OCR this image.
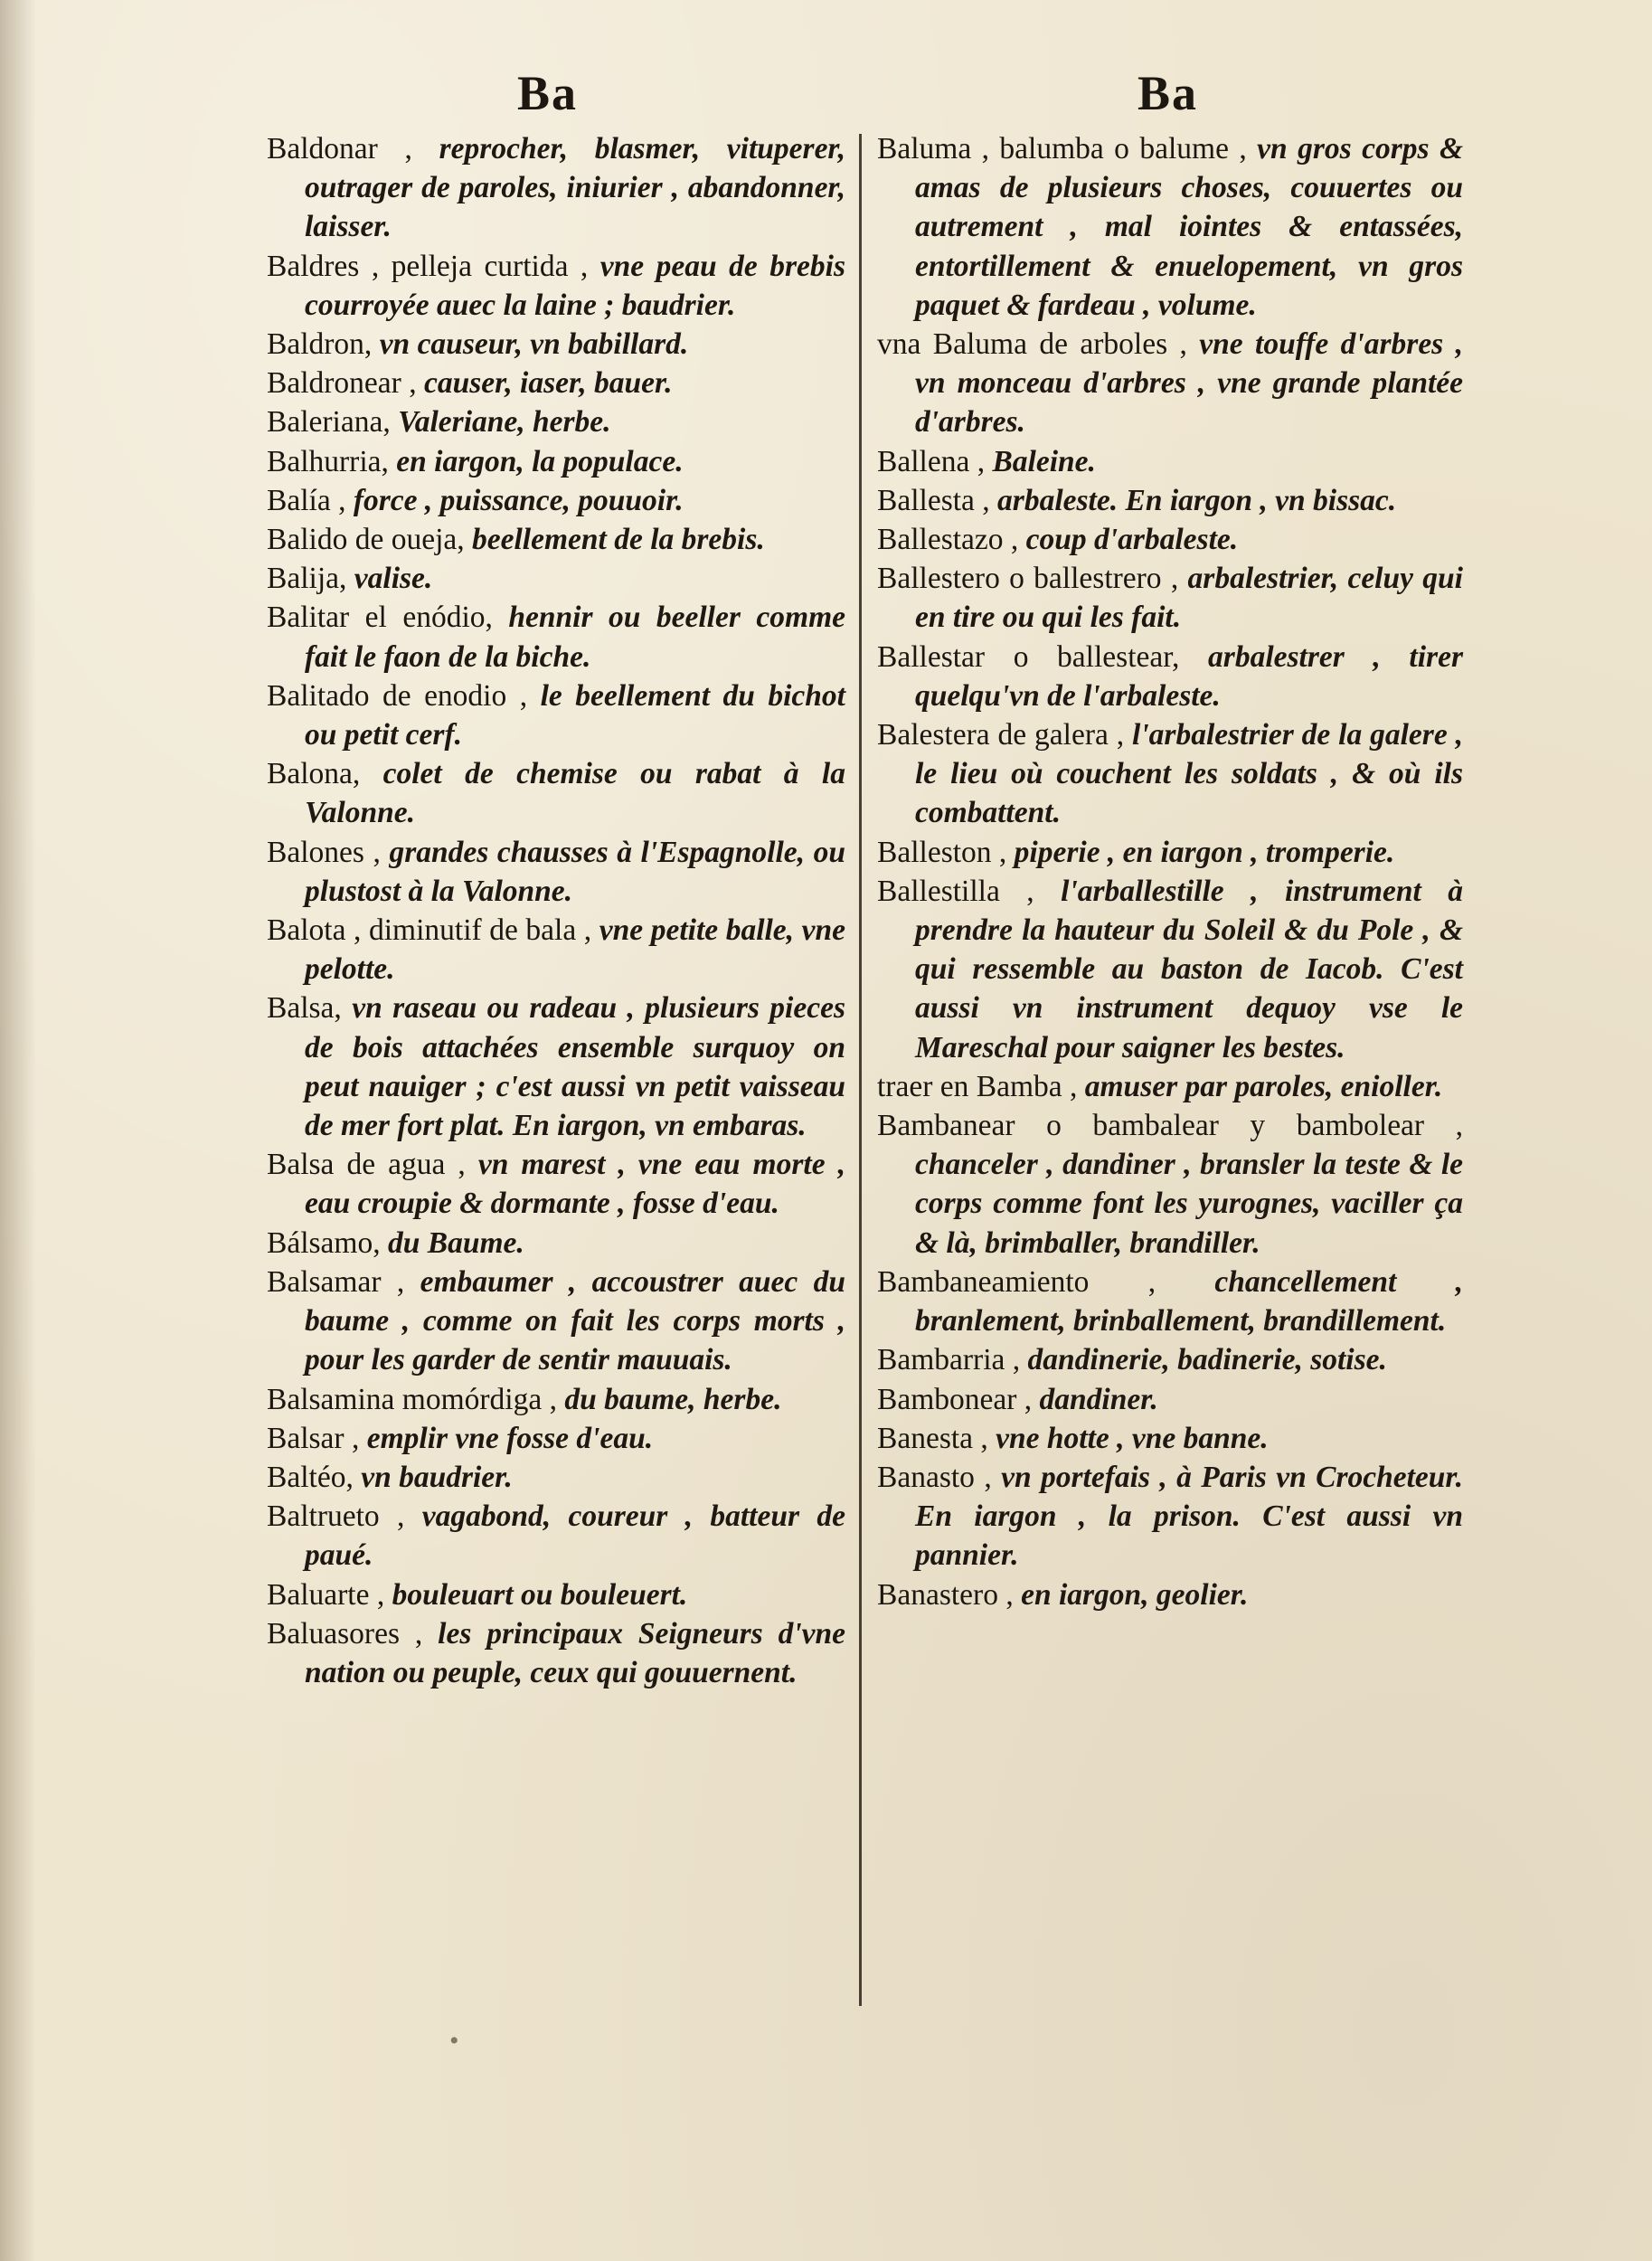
Ba	Ba

Baldonar , reprocher, blasmer, vituperer, outrager de paroles, iniurier , abandonner, laisser.

Baldres , pelleja curtida , vne peau de brebis courroyée auec la laine ; baudrier.

Baldron, vn causeur, vn babillard.

Baldronear , causer, iaser, bauer.

Baleriana, Valeriane, herbe.

Balhurria, en iargon, la populace.

Balía , force , puissance, pouuoir.

Balido de oueja, beellement de la brebis.

Balija, valise.

Balitar el enódio, hennir ou beeller comme fait le faon de la biche.

Balitado de enodio , le beellement du bichot ou petit cerf.

Balona, colet de chemise ou rabat à la Valonne.

Balones , grandes chausses à l'Espagnolle, ou plustost à la Valonne.

Balota , diminutif de bala , vne petite balle, vne pelotte.

Balsa, vn raseau ou radeau , plusieurs pieces de bois attachées ensemble surquoy on peut nauiger ; c'est aussi vn petit vaisseau de mer fort plat. En iargon, vn embaras.

Balsa de agua , vn marest , vne eau morte , eau croupie & dormante , fosse d'eau.

Bálsamo, du Baume.

Balsamar , embaumer , accoustrer auec du baume , comme on fait les corps morts , pour les garder de sentir mauuais.

Balsamina momórdiga , du baume, herbe.

Balsar , emplir vne fosse d'eau.

Baltéo, vn baudrier.

Baltrueto , vagabond, coureur , batteur de paué.

Baluarte , bouleuart ou bouleuert.

Baluasores , les principaux Seigneurs d'vne nation ou peuple, ceux qui gouuernent.

Baluma , balumba o balume , vn gros corps & amas de plusieurs choses, couuertes ou autrement , mal iointes & entassées, entortillement & enuelopement, vn gros paquet & fardeau , volume.

vna Baluma de arboles , vne touffe d'arbres , vn monceau d'arbres , vne grande plantée d'arbres.

Ballena , Baleine.

Ballesta , arbaleste. En iargon , vn bissac.

Ballestazo , coup d'arbaleste.

Ballestero o ballestrero , arbalestrier, celuy qui en tire ou qui les fait.

Ballestar o ballestear, arbalestrer , tirer quelqu'vn de l'arbaleste.

Balestera de galera , l'arbalestrier de la galere , le lieu où couchent les soldats , & où ils combattent.

Balleston , piperie , en iargon , tromperie.

Ballestilla , l'arballestille , instrument à prendre la hauteur du Soleil & du Pole , & qui ressemble au baston de Iacob. C'est aussi vn instrument dequoy vse le Mareschal pour saigner les bestes.

traer en Bamba , amuser par paroles, enioller.

Bambanear o bambalear y bambolear , chanceler , dandiner , bransler la teste & le corps comme font les yurognes, vaciller ça & là, brimballer, brandiller.

Bambaneamiento , chancellement , branlement, brinballement, brandillement.

Bambarria , dandinerie, badinerie, sotise.

Bambonear , dandiner.

Banesta , vne hotte , vne banne.

Banasto , vn portefais , à Paris vn Crocheteur. En iargon , la prison. C'est aussi vn pannier.

Banastero , en iargon, geolier.

•
